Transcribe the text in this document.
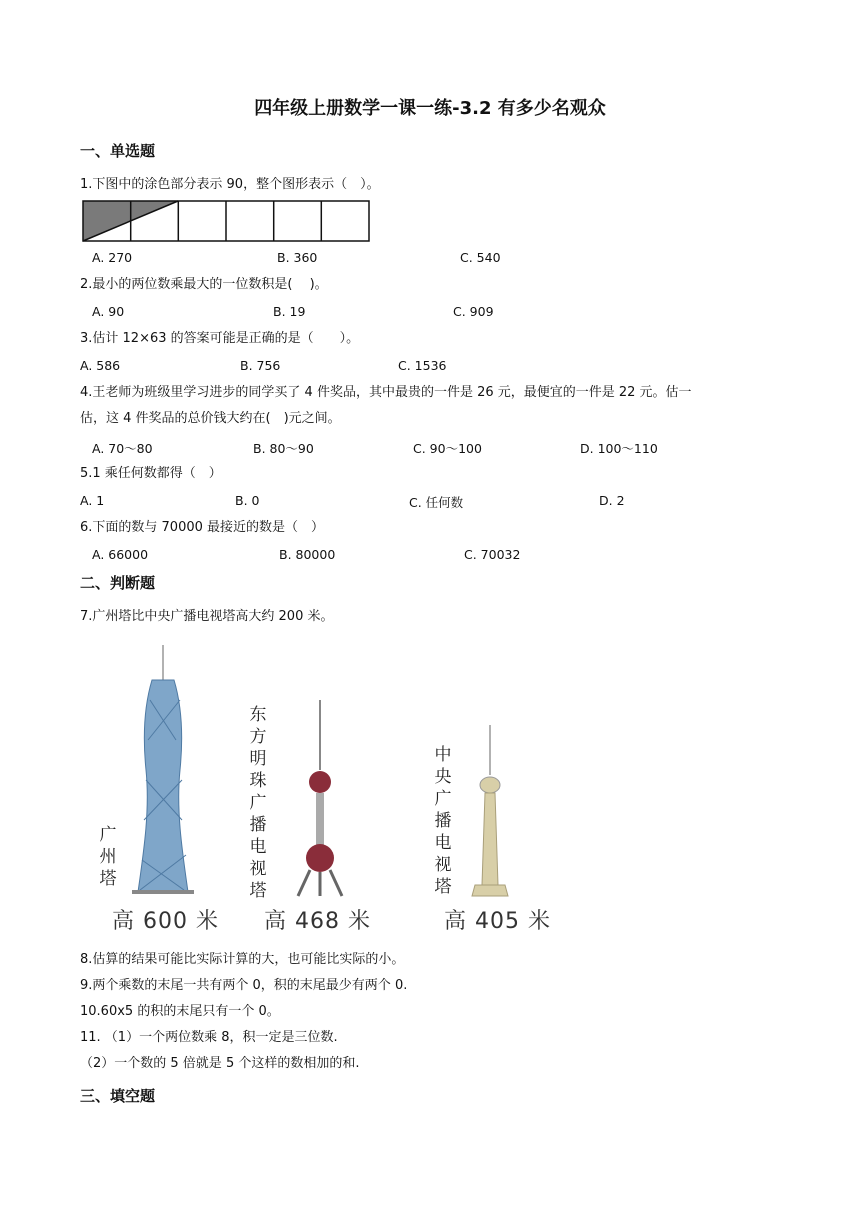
四年级上册数学一课一练-3.2 有多少名观众
一、单选题
1.下图中的涂色部分表示 90，整个图形表示（　）。
A. 270	B. 360	C. 540
2.最小的两位数乘最大的一位数积是(　 )。
A. 90	B. 19	C. 909
3.估计 12×63 的答案可能是正确的是（　　）。
A. 586	B. 756	C. 1536
4.王老师为班级里学习进步的同学买了 4 件奖品，其中最贵的一件是 26 元，最便宜的一件是 22 元。估一
估，这 4 件奖品的总价钱大约在(　)元之间。
A. 70～80	B. 80～90	C. 90～100	D. 100～110
5.1 乘任何数都得（　）
A. 1	B. 0	C. 任何数	D. 2
6.下面的数与 70000 最接近的数是（　）
A. 66000	B. 80000	C. 70032
二、判断题
7.广州塔比中央广播电视塔高大约 200 米。
广州塔
东方明珠广播电视塔
中央广播电视塔
高 600 米 高 468 米	高 405 米
8.估算的结果可能比实际计算的大，也可能比实际的小。
9.两个乘数的末尾一共有两个 0，积的末尾最少有两个 0.
10.60x5 的积的末尾只有一个 0。
11. （1）一个两位数乘 8，积一定是三位数.
（2）一个数的 5 倍就是 5 个这样的数相加的和.
三、填空题
